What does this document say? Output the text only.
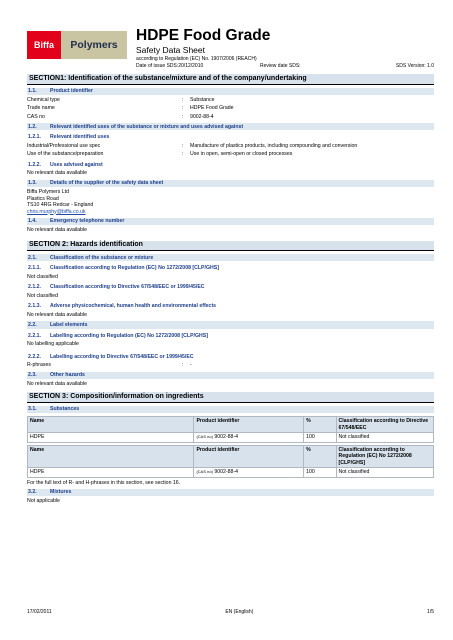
Biffa	Polymers
HDPE Food Grade
Safety Data Sheet
according to Regulation (EC) No. 1907/2006 (REACH)
Date of issue SDS:20/12/2010	Review date SDS:	SDS Version: 1.0
SECTION1: Identification of the substance/mixture and of the company/undertaking
1.1.	Product identifier
Chemical type	:	Substance
Trade name	:	HDPE Food Grade
CAS no	:	9002-88-4
1.2.	Relevant identified uses of the substance or mixture and uses advised against
1.2.1.	Relevant identified uses
Industrial/Professional use spec	:	Manufacture of plastics products, including compounding and conversion
Use of the substance/preparation	:	Use in open, semi-open or closed processes
1.2.2.	Uses advised against
No relevant data available
1.3.	Details of the supplier of the safety data sheet
Biffa Polymers Ltd
Plastics Road
TS10 4RG Redcar - England
chris.murphy@biffa.co.uk
1.4.	Emergency telephone number
No relevant data available
SECTION 2: Hazards identification
2.1.	Classification of the substance or mixture
2.1.1.	Classification according to Regulation (EC) No 1272/2008 [CLP/GHS]
Not classified
2.1.2.	Classification according to Directive 67/548/EEC or 1999/45/EC
Not classified
2.1.3.	Adverse physicochemical, human health and environmental effects
No relevant data available
2.2.	Label elements
2.2.1.	Labelling according to Regulation (EC) No 1272/2008 [CLP/GHS]
No labelling applicable
2.2.2.	Labelling according to Directive 67/548/EEC or 1999/45/EC
R-phrases	:	-
2.3.	Other hazards
No relevant data available
SECTION 3: Composition/information on ingredients
3.1.	Substances
Name	Product identifier	%	Classification according to Directive 67/548/EEC
HDPE	(CAS no) 9002-88-4	100	Not classified
Name	Product identifier	%	Classification according to Regulation (EC) No 1272/2008 [CLP/GHS]
HDPE	(CAS no) 9002-88-4	100	Not classified
For the full text of R- and H-phrases in this section, see section 16.
3.2.	Mixtures
Not applicable
17/02/2011	EN (English)	1/5
